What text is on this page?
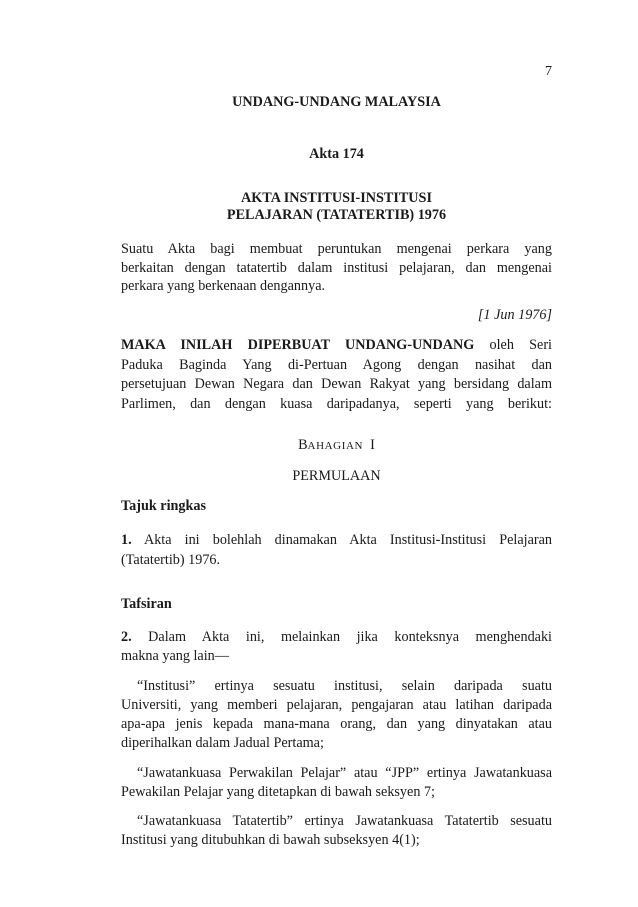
7
UNDANG-UNDANG MALAYSIA
Akta 174
AKTA INSTITUSI-INSTITUSI
PELAJARAN (TATATERTIB) 1976
Suatu Akta bagi membuat peruntukan mengenai perkara yang
berkaitan dengan tatatertib dalam institusi pelajaran, dan mengenai
perkara yang berkenaan dengannya.
[1 Jun 1976]
MAKA INILAH DIPERBUAT UNDANG-UNDANG oleh Seri
Paduka Baginda Yang di-Pertuan Agong dengan nasihat dan
persetujuan Dewan Negara dan Dewan Rakyat yang bersidang dalam
Parlimen, dan dengan kuasa daripadanya, seperti yang berikut:
BAHAGIAN I
PERMULAAN
Tajuk ringkas
1. Akta ini bolehlah dinamakan Akta Institusi-Institusi Pelajaran
(Tatatertib) 1976.
Tafsiran
2. Dalam Akta ini, melainkan jika konteksnya menghendaki
makna yang lain—
“Institusi” ertinya sesuatu institusi, selain daripada suatu
Universiti, yang memberi pelajaran, pengajaran atau latihan daripada
apa-apa jenis kepada mana-mana orang, dan yang dinyatakan atau
diperihalkan dalam Jadual Pertama;
“Jawatankuasa Perwakilan Pelajar” atau “JPP” ertinya Jawatankuasa
Pewakilan Pelajar yang ditetapkan di bawah seksyen 7;
“Jawatankuasa Tatatertib” ertinya Jawatankuasa Tatatertib sesuatu
Institusi yang ditubuhkan di bawah subseksyen 4(1);
